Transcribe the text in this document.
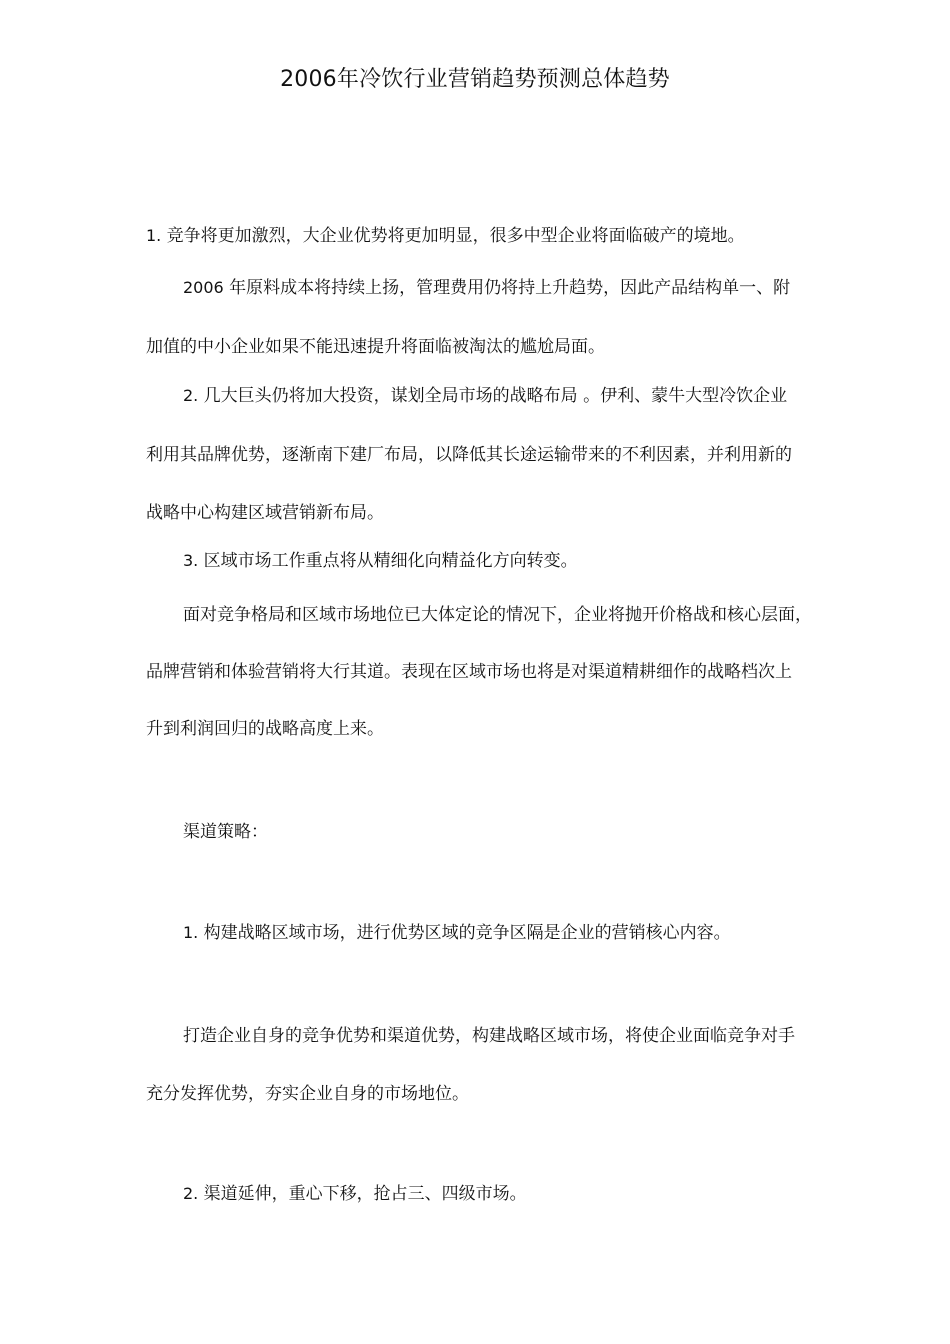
2006年冷饮行业营销趋势预测总体趋势
1. 竞争将更加激烈，大企业优势将更加明显，很多中型企业将面临破产的境地。
2006 年原料成本将持续上扬，管理费用仍将持上升趋势，因此产品结构单一、附
加值的中小企业如果不能迅速提升将面临被淘汰的尴尬局面。
2. 几大巨头仍将加大投资，谋划全局市场的战略布局 。伊利、蒙牛大型冷饮企业
利用其品牌优势，逐渐南下建厂布局，以降低其长途运输带来的不利因素，并利用新的
战略中心构建区域营销新布局。
3. 区域市场工作重点将从精细化向精益化方向转变。
面对竞争格局和区域市场地位已大体定论的情况下，企业将抛开价格战和核心层面，
品牌营销和体验营销将大行其道。表现在区域市场也将是对渠道精耕细作的战略档次上
升到利润回归的战略高度上来。
渠道策略：
1. 构建战略区域市场，进行优势区域的竞争区隔是企业的营销核心内容。
打造企业自身的竞争优势和渠道优势，构建战略区域市场，将使企业面临竞争对手
充分发挥优势，夯实企业自身的市场地位。
2. 渠道延伸，重心下移，抢占三、四级市场。
